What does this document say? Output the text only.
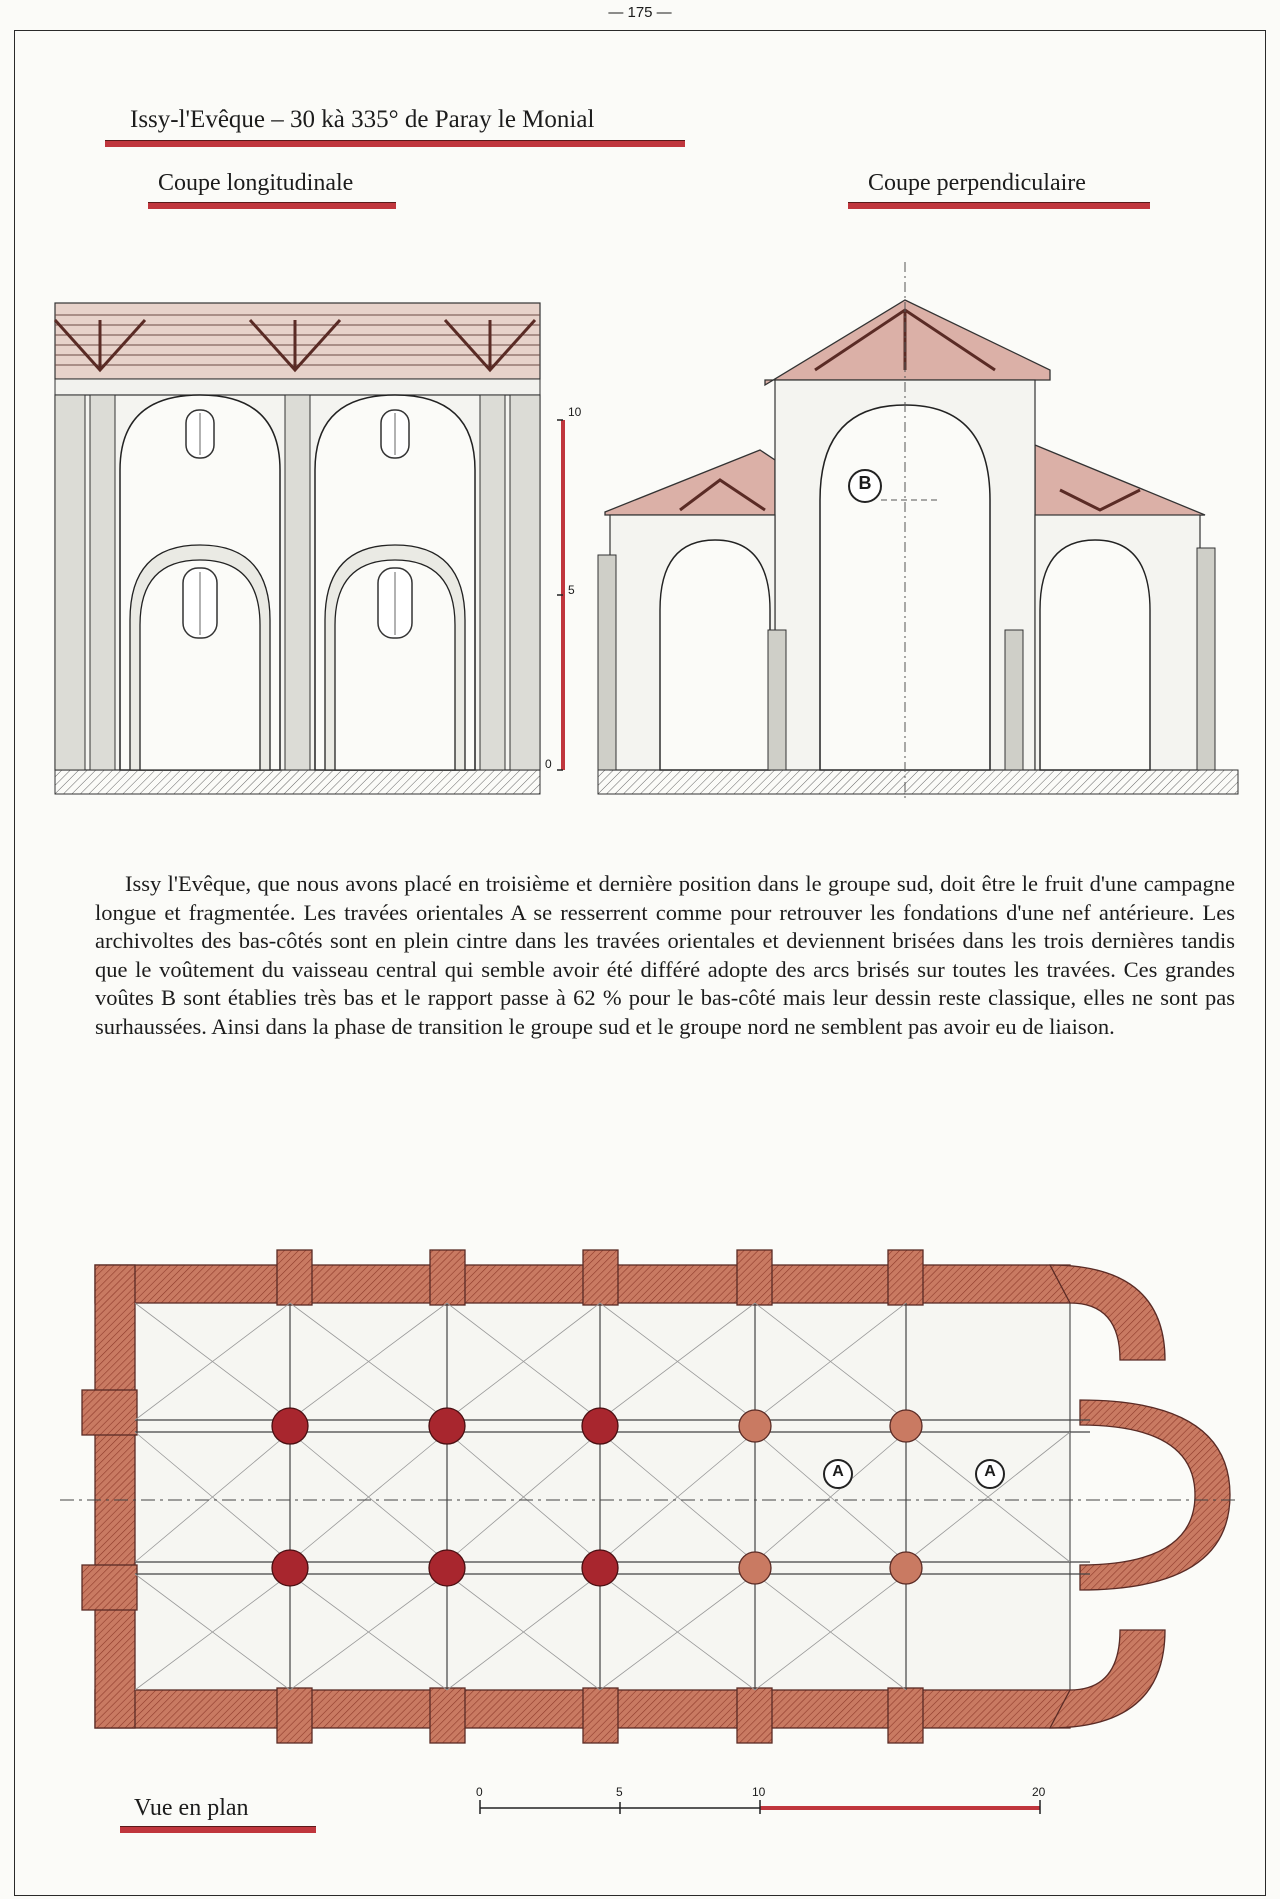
— 175 —
Issy-l'Evêque – 30 kà 335° de Paray le Monial
Coupe longitudinale	Coupe perpendiculaire
10
5
0
B
Issy l'Evêque, que nous avons placé en troisième et dernière position dans le groupe sud, doit être le fruit d'une campagne longue et fragmentée. Les travées orientales A se resserrent comme pour retrouver les fondations d'une nef antérieure. Les archivoltes des bas-côtés sont en plein cintre dans les travées orientales et deviennent brisées dans les trois dernières tandis que le voûtement du vaisseau central qui semble avoir été différé adopte des arcs brisés sur toutes les travées. Ces grandes voûtes B sont établies très bas et le rapport passe à 62 % pour le bas-côté mais leur dessin reste classique, elles ne sont pas surhaussées. Ainsi dans la phase de transition le groupe sud et le groupe nord ne semblent pas avoir eu de liaison.
A	A
0	5	10	20
Vue en plan
